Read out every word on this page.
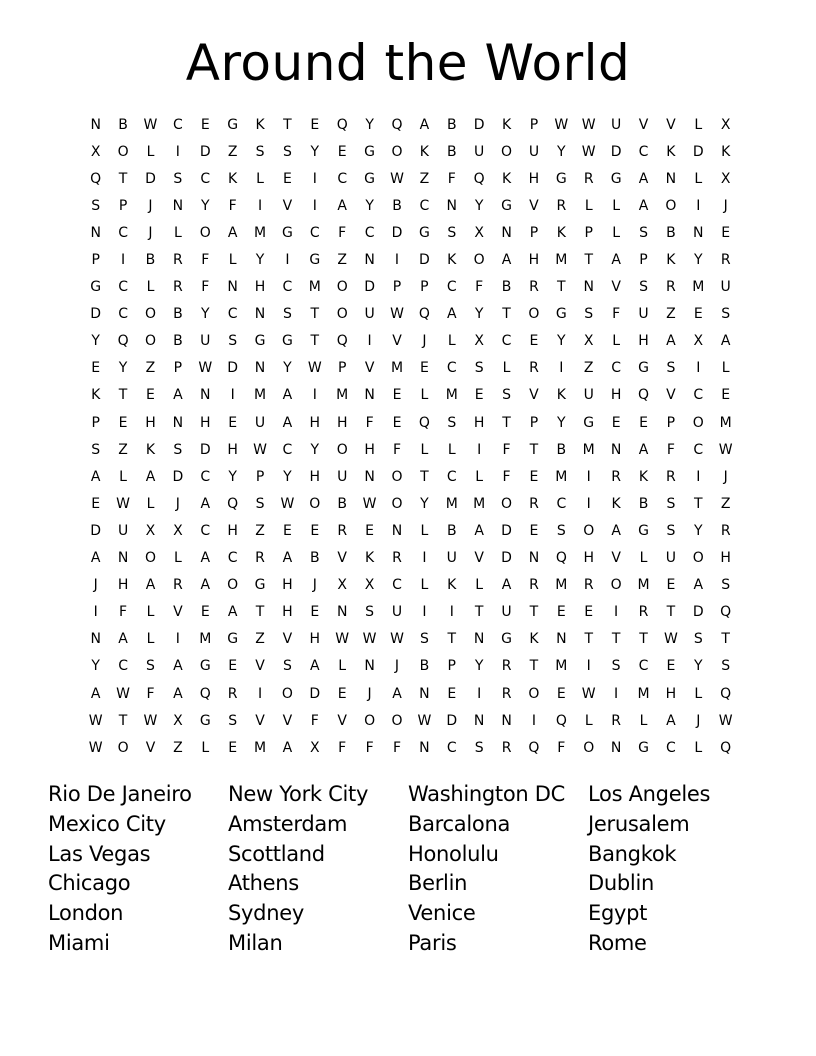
Around the World
N	B	W	C	E	G	K	T	E	Q	Y	Q	A	B	D	K	P	W W	U	V	V	L	X
X	O	L	I	D	Z	S	S	Y	E	G	O	K	B	U	O	U	Y	W	D	C	K	D	K
Q	T	D	S	C	K	L	E	I	C	G	W	Z	F	Q	K	H	G	R	G	A	N	L	X
S	P	J	N	Y	F	I	V	I	A	Y	B	C	N	Y	G	V	R	L	L	A	O	I	J
N	C	J	L	O	A	M	G	C	F	C	D	G	S	X	N	P	K	P	L	S	B	N	E
P	I	B	R	F	L	Y	I	G	Z	N	I	D	K	O	A	H	M	T	A	P	K	Y	R
G	C	L	R	F	N	H	C	M	O	D	P	P	C	F	B	R	T	N	V	S	R	M	U
D	C	O	B	Y	C	N	S	T	O	U	W	Q	A	Y	T	O	G	S	F	U	Z	E	S
Y	Q	O	B	U	S	G	G	T	Q	I	V	J	L	X	C	E	Y	X	L	H	A	X	A
E	Y	Z	P	W	D	N	Y	W	P	V	M	E	C	S	L	R	I	Z	C	G	S	I	L
K	T	E	A	N	I	M	A	I	M	N	E	L	M	E	S	V	K	U	H	Q	V	C	E
P	E	H	N	H	E	U	A	H	H	F	E	Q	S	H	T	P	Y	G	E	E	P	O	M
S	Z	K	S	D	H	W	C	Y	O	H	F	L	L	I	F	T	B	M	N	A	F	C	W
A	L	A	D	C	Y	P	Y	H	U	N	O	T	C	L	F	E	M	I	R	K	R	I	J
E	W	L	J	A	Q	S	W	O	B	W	O	Y	M	M	O	R	C	I	K	B	S	T	Z
D	U	X	X	C	H	Z	E	E	R	E	N	L	B	A	D	E	S	O	A	G	S	Y	R
A	N	O	L	A	C	R	A	B	V	K	R	I	U	V	D	N	Q	H	V	L	U	O	H
J	H	A	R	A	O	G	H	J	X	X	C	L	K	L	A	R	M	R	O	M	E	A	S
I	F	L	V	E	A	T	H	E	N	S	U	I	I	T	U	T	E	E	I	R	T	D	Q
N	A	L	I	M	G	Z	V	H	W W W	S	T	N	G	K	N	T	T	T	W	S	T
Y	C	S	A	G	E	V	S	A	L	N	J	B	P	Y	R	T	M	I	S	C	E	Y	S
A	W	F	A	Q	R	I	O	D	E	J	A	N	E	I	R	O	E	W	I	M	H	L	Q
W	T	W	X	G	S	V	V	F	V	O	O	W	D	N	N	I	Q	L	R	L	A	J	W
W	O	V	Z	L	E	M	A	X	F	F	F	N	C	S	R	Q	F	O	N	G	C	L	Q
Rio De Janeiro	New York City	Washington DC	Los Angeles
Mexico City	Amsterdam	Barcalona	Jerusalem
Las Vegas	Scottland	Honolulu	Bangkok
Chicago	Athens	Berlin	Dublin
London	Sydney	Venice	Egypt
Miami	Milan	Paris	Rome
